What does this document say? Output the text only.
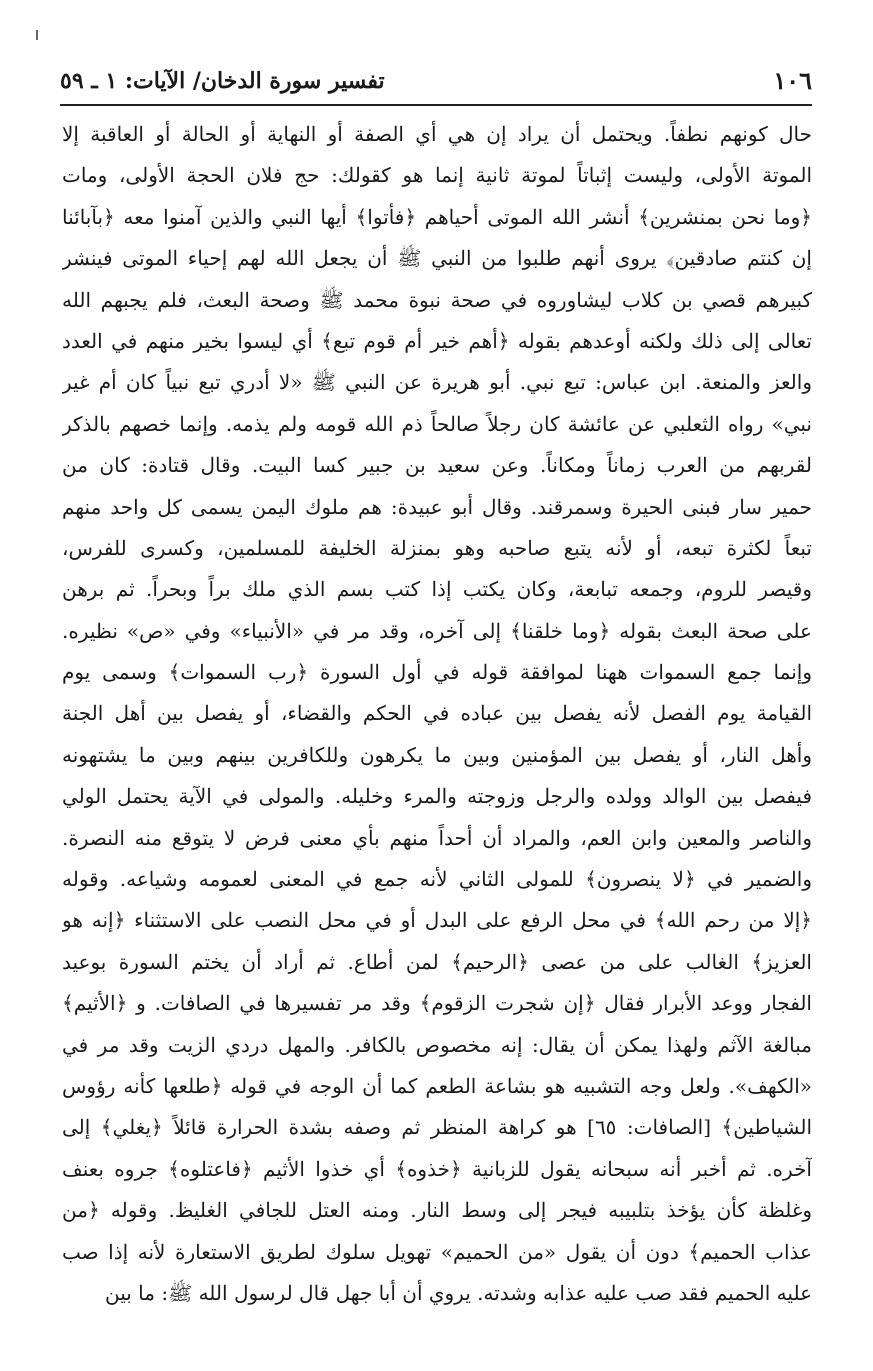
١٠٦
تفسير سورة الدخان/ الآيات: ١ ـ ٥٩
حال كونهم نطفاً. ويحتمل أن يراد إن هي أي الصفة أو النهاية أو الحالة أو العاقبة إلا
الموتة الأولى، وليست إثباتاً لموتة ثانية إنما هو كقولك: حج فلان الحجة الأولى، ومات
﴿وما نحن بمنشرين﴾ أنشر الله الموتى أحياهم ﴿فأتوا﴾ أيها النبي والذين آمنوا معه ﴿بآبائنا
إن كنتم صادقين﴾ يروى أنهم طلبوا من النبي ﷺ أن يجعل الله لهم إحياء الموتى فينشر
كبيرهم قصي بن كلاب ليشاوروه في صحة نبوة محمد ﷺ وصحة البعث، فلم يجبهم الله
تعالى إلى ذلك ولكنه أوعدهم بقوله ﴿أهم خير أم قوم تبع﴾ أي ليسوا بخير منهم في العدد
والعز والمنعة. ابن عباس: تبع نبي. أبو هريرة عن النبي ﷺ «لا أدري تبع نبياً كان أم غير
نبي» رواه الثعلبي عن عائشة كان رجلاً صالحاً ذم الله قومه ولم يذمه. وإنما خصهم بالذكر
لقربهم من العرب زماناً ومكاناً. وعن سعيد بن جبير كسا البيت. وقال قتادة: كان من
حمير سار فبنى الحيرة وسمرقند. وقال أبو عبيدة: هم ملوك اليمن يسمى كل واحد منهم
تبعاً لكثرة تبعه، أو لأنه يتبع صاحبه وهو بمنزلة الخليفة للمسلمين، وكسرى للفرس،
وقيصر للروم، وجمعه تبابعة، وكان يكتب إذا كتب بسم الذي ملك براً وبحراً. ثم برهن
على صحة البعث بقوله ﴿وما خلقنا﴾ إلى آخره، وقد مر في «الأنبياء» وفي «ص» نظيره.
وإنما جمع السموات ههنا لموافقة قوله في أول السورة ﴿رب السموات﴾ وسمى يوم
القيامة يوم الفصل لأنه يفصل بين عباده في الحكم والقضاء، أو يفصل بين أهل الجنة
وأهل النار، أو يفصل بين المؤمنين وبين ما يكرهون وللكافرين بينهم وبين ما يشتهونه
فيفصل بين الوالد وولده والرجل وزوجته والمرء وخليله. والمولى في الآية يحتمل الولي
والناصر والمعين وابن العم، والمراد أن أحداً منهم بأي معنى فرض لا يتوقع منه النصرة.
والضمير في ﴿لا ينصرون﴾ للمولى الثاني لأنه جمع في المعنى لعمومه وشياعه. وقوله
﴿إلا من رحم الله﴾ في محل الرفع على البدل أو في محل النصب على الاستثناء ﴿إنه هو
العزيز﴾ الغالب على من عصى ﴿الرحيم﴾ لمن أطاع. ثم أراد أن يختم السورة بوعيد
الفجار ووعد الأبرار فقال ﴿إن شجرت الزقوم﴾ وقد مر تفسيرها في الصافات. و ﴿الأثيم﴾
مبالغة الآثم ولهذا يمكن أن يقال: إنه مخصوص بالكافر. والمهل دردي الزيت وقد مر في
«الكهف». ولعل وجه التشبيه هو بشاعة الطعم كما أن الوجه في قوله ﴿طلعها كأنه رؤوس
الشياطين﴾ [الصافات: ٦٥] هو كراهة المنظر ثم وصفه بشدة الحرارة قائلاً ﴿يغلي﴾ إلى
آخره. ثم أخبر أنه سبحانه يقول للزبانية ﴿خذوه﴾ أي خذوا الأثيم ﴿فاعتلوه﴾ جروه بعنف
وغلظة كأن يؤخذ بتلبيبه فيجر إلى وسط النار. ومنه العتل للجافي الغليظ. وقوله ﴿من
عذاب الحميم﴾ دون أن يقول «من الحميم» تهويل سلوك لطريق الاستعارة لأنه إذا صب
عليه الحميم فقد صب عليه عذابه وشدته. يروي أن أبا جهل قال لرسول الله ﷺ: ما بين
